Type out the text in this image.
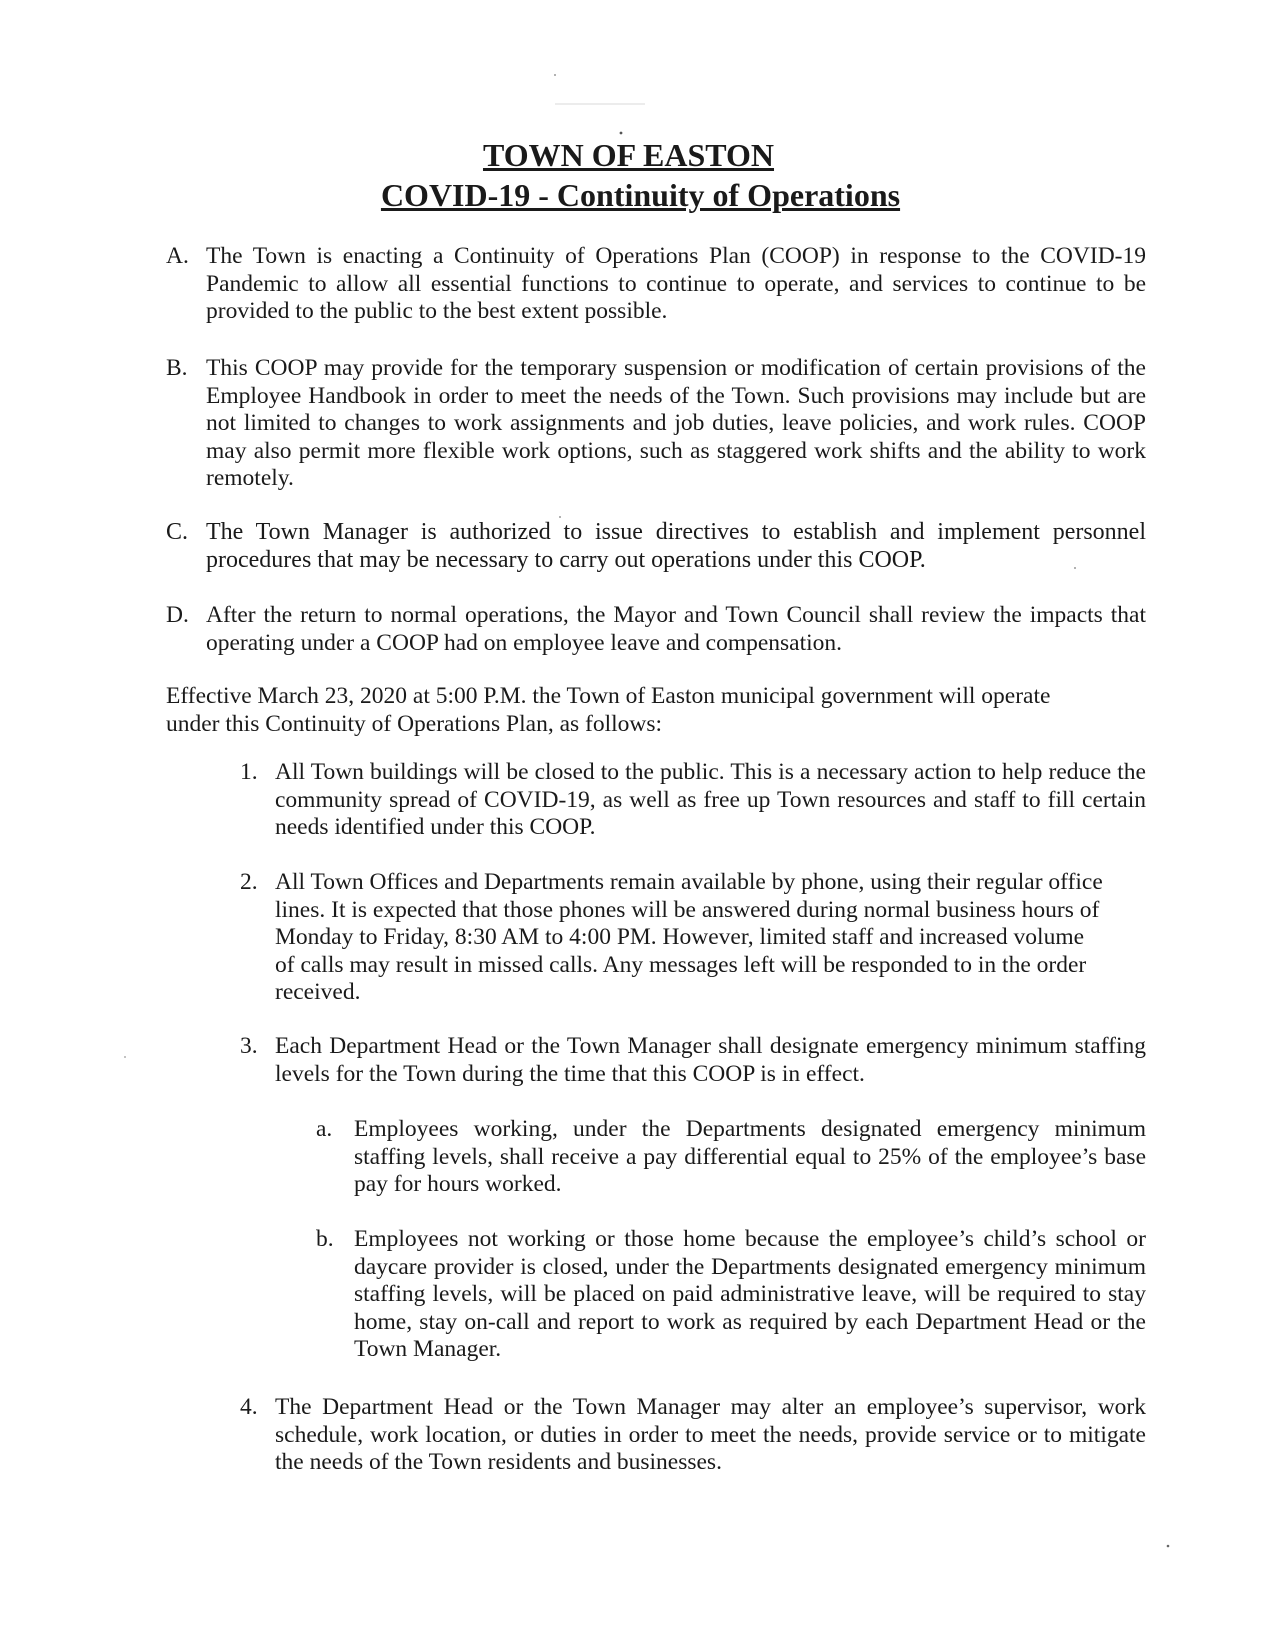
TOWN OF EASTON
COVID-19 - Continuity of Operations
A. The Town is enacting a Continuity of Operations Plan (COOP) in response to the COVID-19 Pandemic to allow all essential functions to continue to operate, and services to continue to be provided to the public to the best extent possible.
B. This COOP may provide for the temporary suspension or modification of certain provisions of the Employee Handbook in order to meet the needs of the Town. Such provisions may include but are not limited to changes to work assignments and job duties, leave policies, and work rules. COOP may also permit more flexible work options, such as staggered work shifts and the ability to work remotely.
C. The Town Manager is authorized to issue directives to establish and implement personnel procedures that may be necessary to carry out operations under this COOP.
D. After the return to normal operations, the Mayor and Town Council shall review the impacts that operating under a COOP had on employee leave and compensation.
Effective March 23, 2020 at 5:00 P.M. the Town of Easton municipal government will operate under this Continuity of Operations Plan, as follows:
1. All Town buildings will be closed to the public. This is a necessary action to help reduce the community spread of COVID-19, as well as free up Town resources and staff to fill certain needs identified under this COOP.
2. All Town Offices and Departments remain available by phone, using their regular office lines. It is expected that those phones will be answered during normal business hours of Monday to Friday, 8:30 AM to 4:00 PM. However, limited staff and increased volume of calls may result in missed calls. Any messages left will be responded to in the order received.
3. Each Department Head or the Town Manager shall designate emergency minimum staffing levels for the Town during the time that this COOP is in effect.
a. Employees working, under the Departments designated emergency minimum staffing levels, shall receive a pay differential equal to 25% of the employee’s base pay for hours worked.
b. Employees not working or those home because the employee’s child’s school or daycare provider is closed, under the Departments designated emergency minimum staffing levels, will be placed on paid administrative leave, will be required to stay home, stay on-call and report to work as required by each Department Head or the Town Manager.
4. The Department Head or the Town Manager may alter an employee’s supervisor, work schedule, work location, or duties in order to meet the needs, provide service or to mitigate the needs of the Town residents and businesses.
